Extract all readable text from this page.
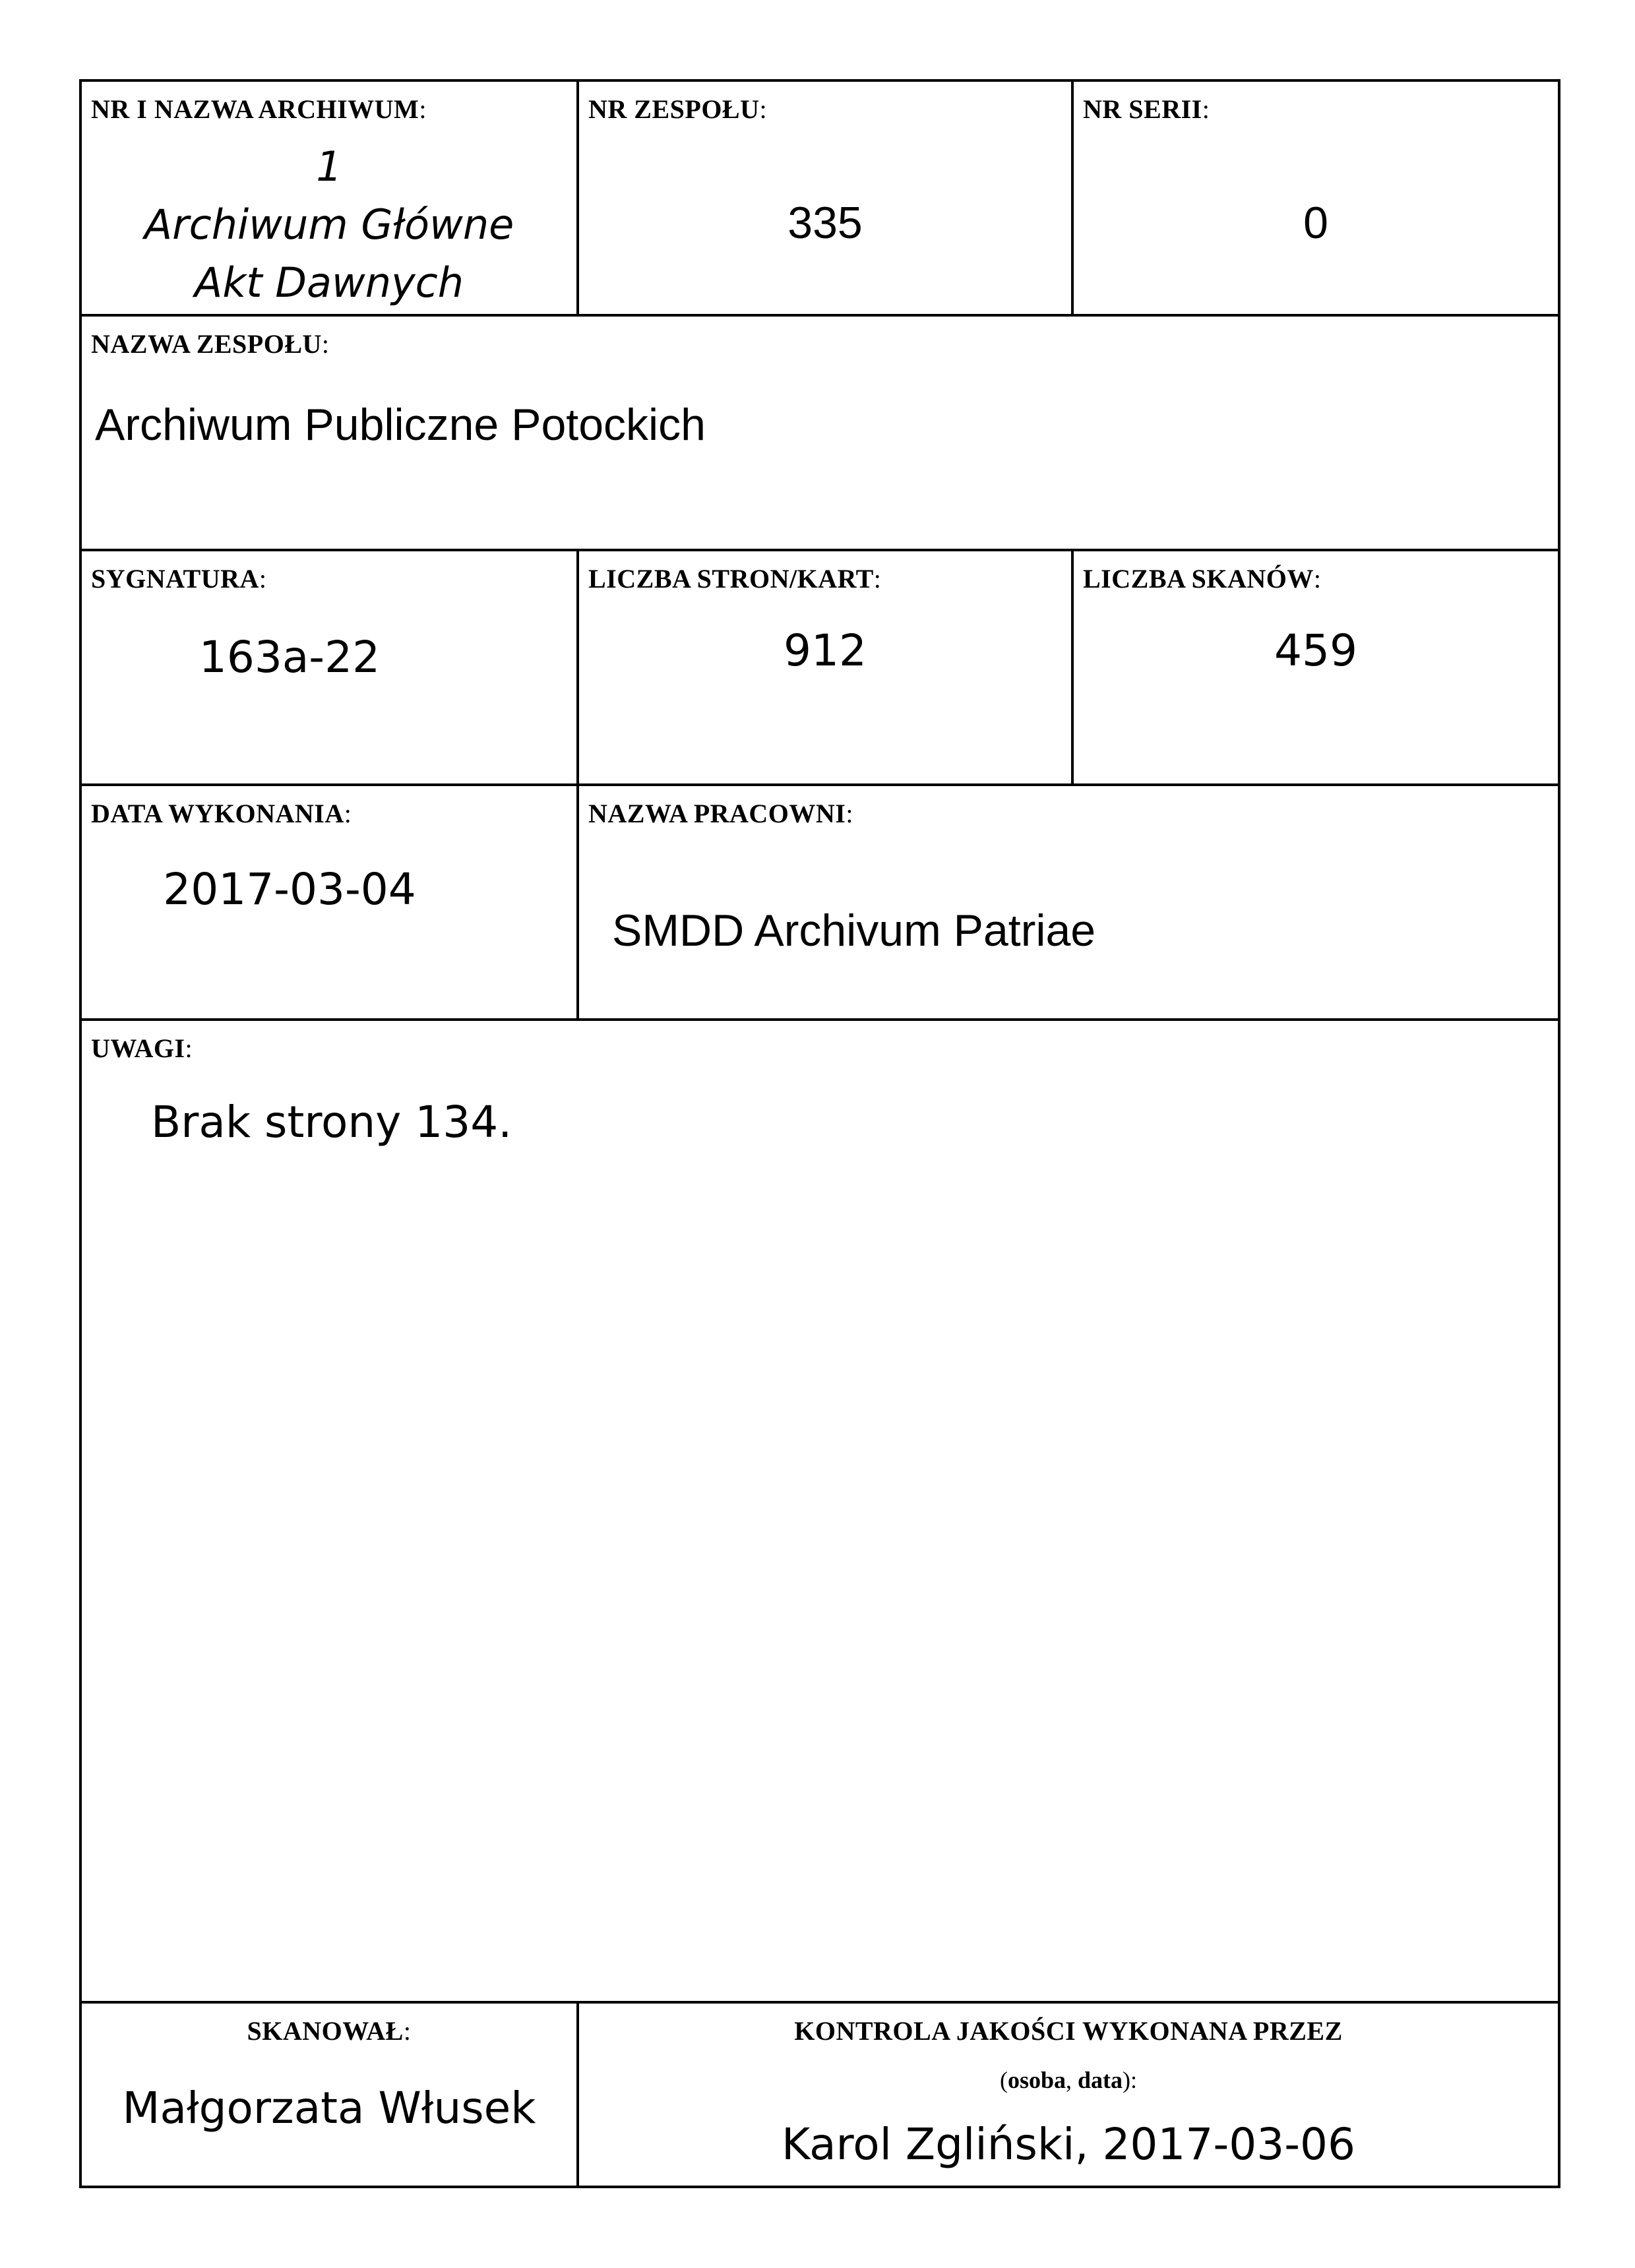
NR I NAZWA ARCHIWUM:
1
Archiwum Główne
Akt Dawnych
NR ZESPOŁU:
335
NR SERII:
0
NAZWA ZESPOŁU:
Archiwum Publiczne Potockich
SYGNATURA:
163a-22
LICZBA STRON/KART:
912
LICZBA SKANÓW:
459
DATA WYKONANIA:
2017-03-04
NAZWA PRACOWNI:
SMDD Archivum Patriae
UWAGI:
Brak strony 134.
SKANOWAŁ:
Małgorzata Włusek
KONTROLA JAKOŚCI WYKONANA PRZEZ
(osoba, data):
Karol Zgliński, 2017-03-06
